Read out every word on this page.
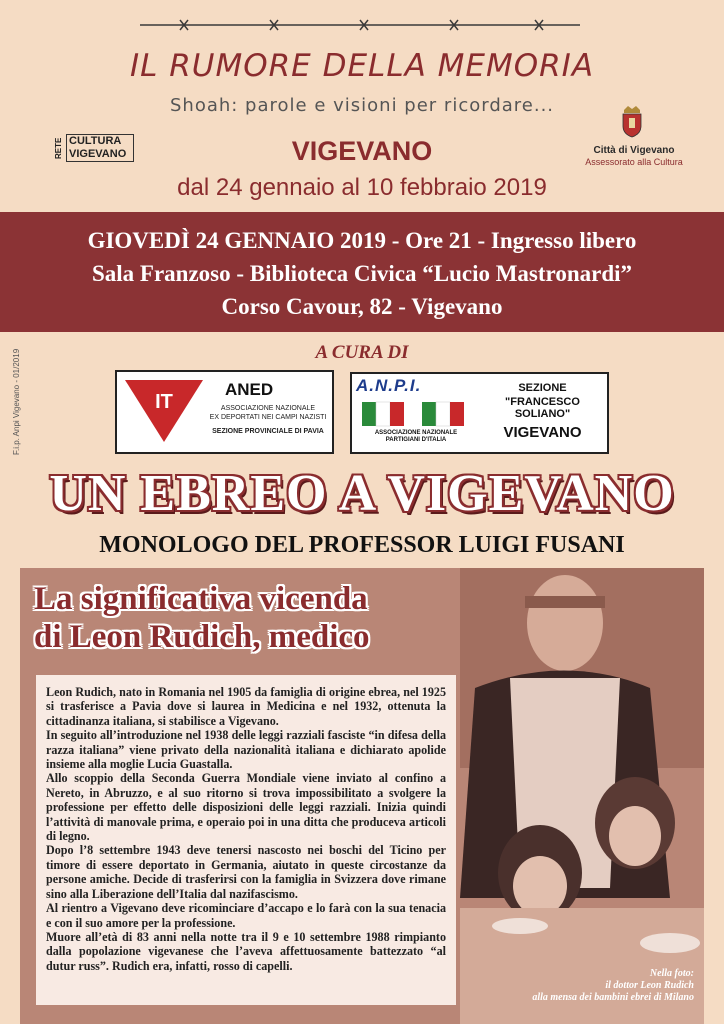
IL RUMORE DELLA MEMORIA
Shoah: parole e visioni per ricordare...
RETE CULTURA
VIGEVANO	VIGEVANO
dal 24 gennaio al 10 febbraio 2019
Città di Vigevano
Assessorato alla Cultura
GIOVEDÌ 24 GENNAIO 2019 - Ore 21 - Ingresso libero
Sala Franzoso - Biblioteca Civica “Lucio Mastronardi”
Corso Cavour, 82 - Vigevano
F.i.p. Anpi Vigevano - 01/2019	A CURA DI
IT
ANED
ASSOCIAZIONE NAZIONALE
EX DEPORTATI NEI CAMPI NAZISTI
SEZIONE PROVINCIALE DI PAVIA
A.N.P.I.
ASSOCIAZIONE NAZIONALE
PARTIGIANI D'ITALIA
SEZIONE
"FRANCESCO SOLIANO"
VIGEVANO
UN EBREO A VIGEVANO
MONOLOGO DEL PROFESSOR LUIGI FUSANI
La significativa vicenda
di Leon Rudich, medico

Leon Rudich, nato in Romania nel 1905 da famiglia di origine ebrea, nel 1925 si trasferisce a Pavia dove si laurea in Medicina e nel 1932, ottenuta la cittadinanza italiana, si stabilisce a Vigevano.

In seguito all’introduzione nel 1938 delle leggi razziali fasciste “in difesa della razza italiana” viene privato della nazionalità italiana e dichiarato apolide insieme alla moglie Lucia Guastalla.

Allo scoppio della Seconda Guerra Mondiale viene inviato al confino a Nereto, in Abruzzo, e al suo ritorno si trova impossibilitato a svolgere la professione per effetto delle disposizioni delle leggi razziali. Inizia quindi l’attività di manovale prima, e operaio poi in una ditta che produceva articoli di legno.

Dopo l’8 settembre 1943 deve tenersi nascosto nei boschi del Ticino per timore di essere deportato in Germania, aiutato in queste circostanze da persone amiche. Decide di trasferirsi con la famiglia in Svizzera dove rimane sino alla Liberazione dell’Italia dal nazifascismo.

Al rientro a Vigevano deve ricominciare d’accapo e lo farà con la sua tenacia e con il suo amore per la professione.

Muore all’età di 83 anni nella notte tra il 9 e 10 settembre 1988 rimpianto dalla popolazione vigevanese che l’aveva affettuosamente battezzato “al dutur russ”. Rudich era, infatti, rosso di capelli.

Nella foto:
il dottor Leon Rudich
alla mensa dei bambini ebrei di Milano
